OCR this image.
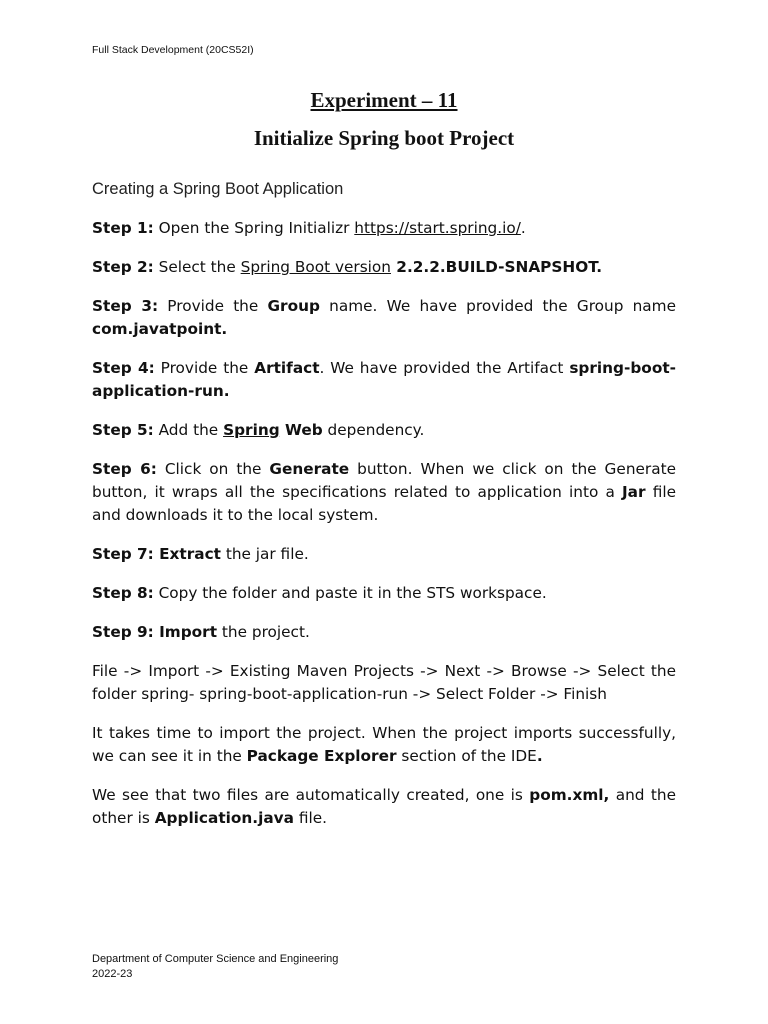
Full Stack Development (20CS52I)
Experiment – 11
Initialize Spring boot Project
Creating a Spring Boot Application

Step 1: Open the Spring Initializr https://start.spring.io/.

Step 2: Select the Spring Boot version 2.2.2.BUILD-SNAPSHOT.

Step 3: Provide the Group name. We have provided the Group name com.javatpoint.

Step 4: Provide the Artifact. We have provided the Artifact spring-boot-application-run.

Step 5: Add the Spring Web dependency.

Step 6: Click on the Generate button. When we click on the Generate button, it wraps all the specifications related to application into a Jar file and downloads it to the local system.

Step 7: Extract the jar file.

Step 8: Copy the folder and paste it in the STS workspace.

Step 9: Import the project.

File -> Import -> Existing Maven Projects -> Next -> Browse -> Select the folder spring- spring-boot-application-run -> Select Folder -> Finish

It takes time to import the project. When the project imports successfully, we can see it in the Package Explorer section of the IDE.

We see that two files are automatically created, one is pom.xml, and the other is Application.java file.

Department of Computer Science and Engineering
2022-23
